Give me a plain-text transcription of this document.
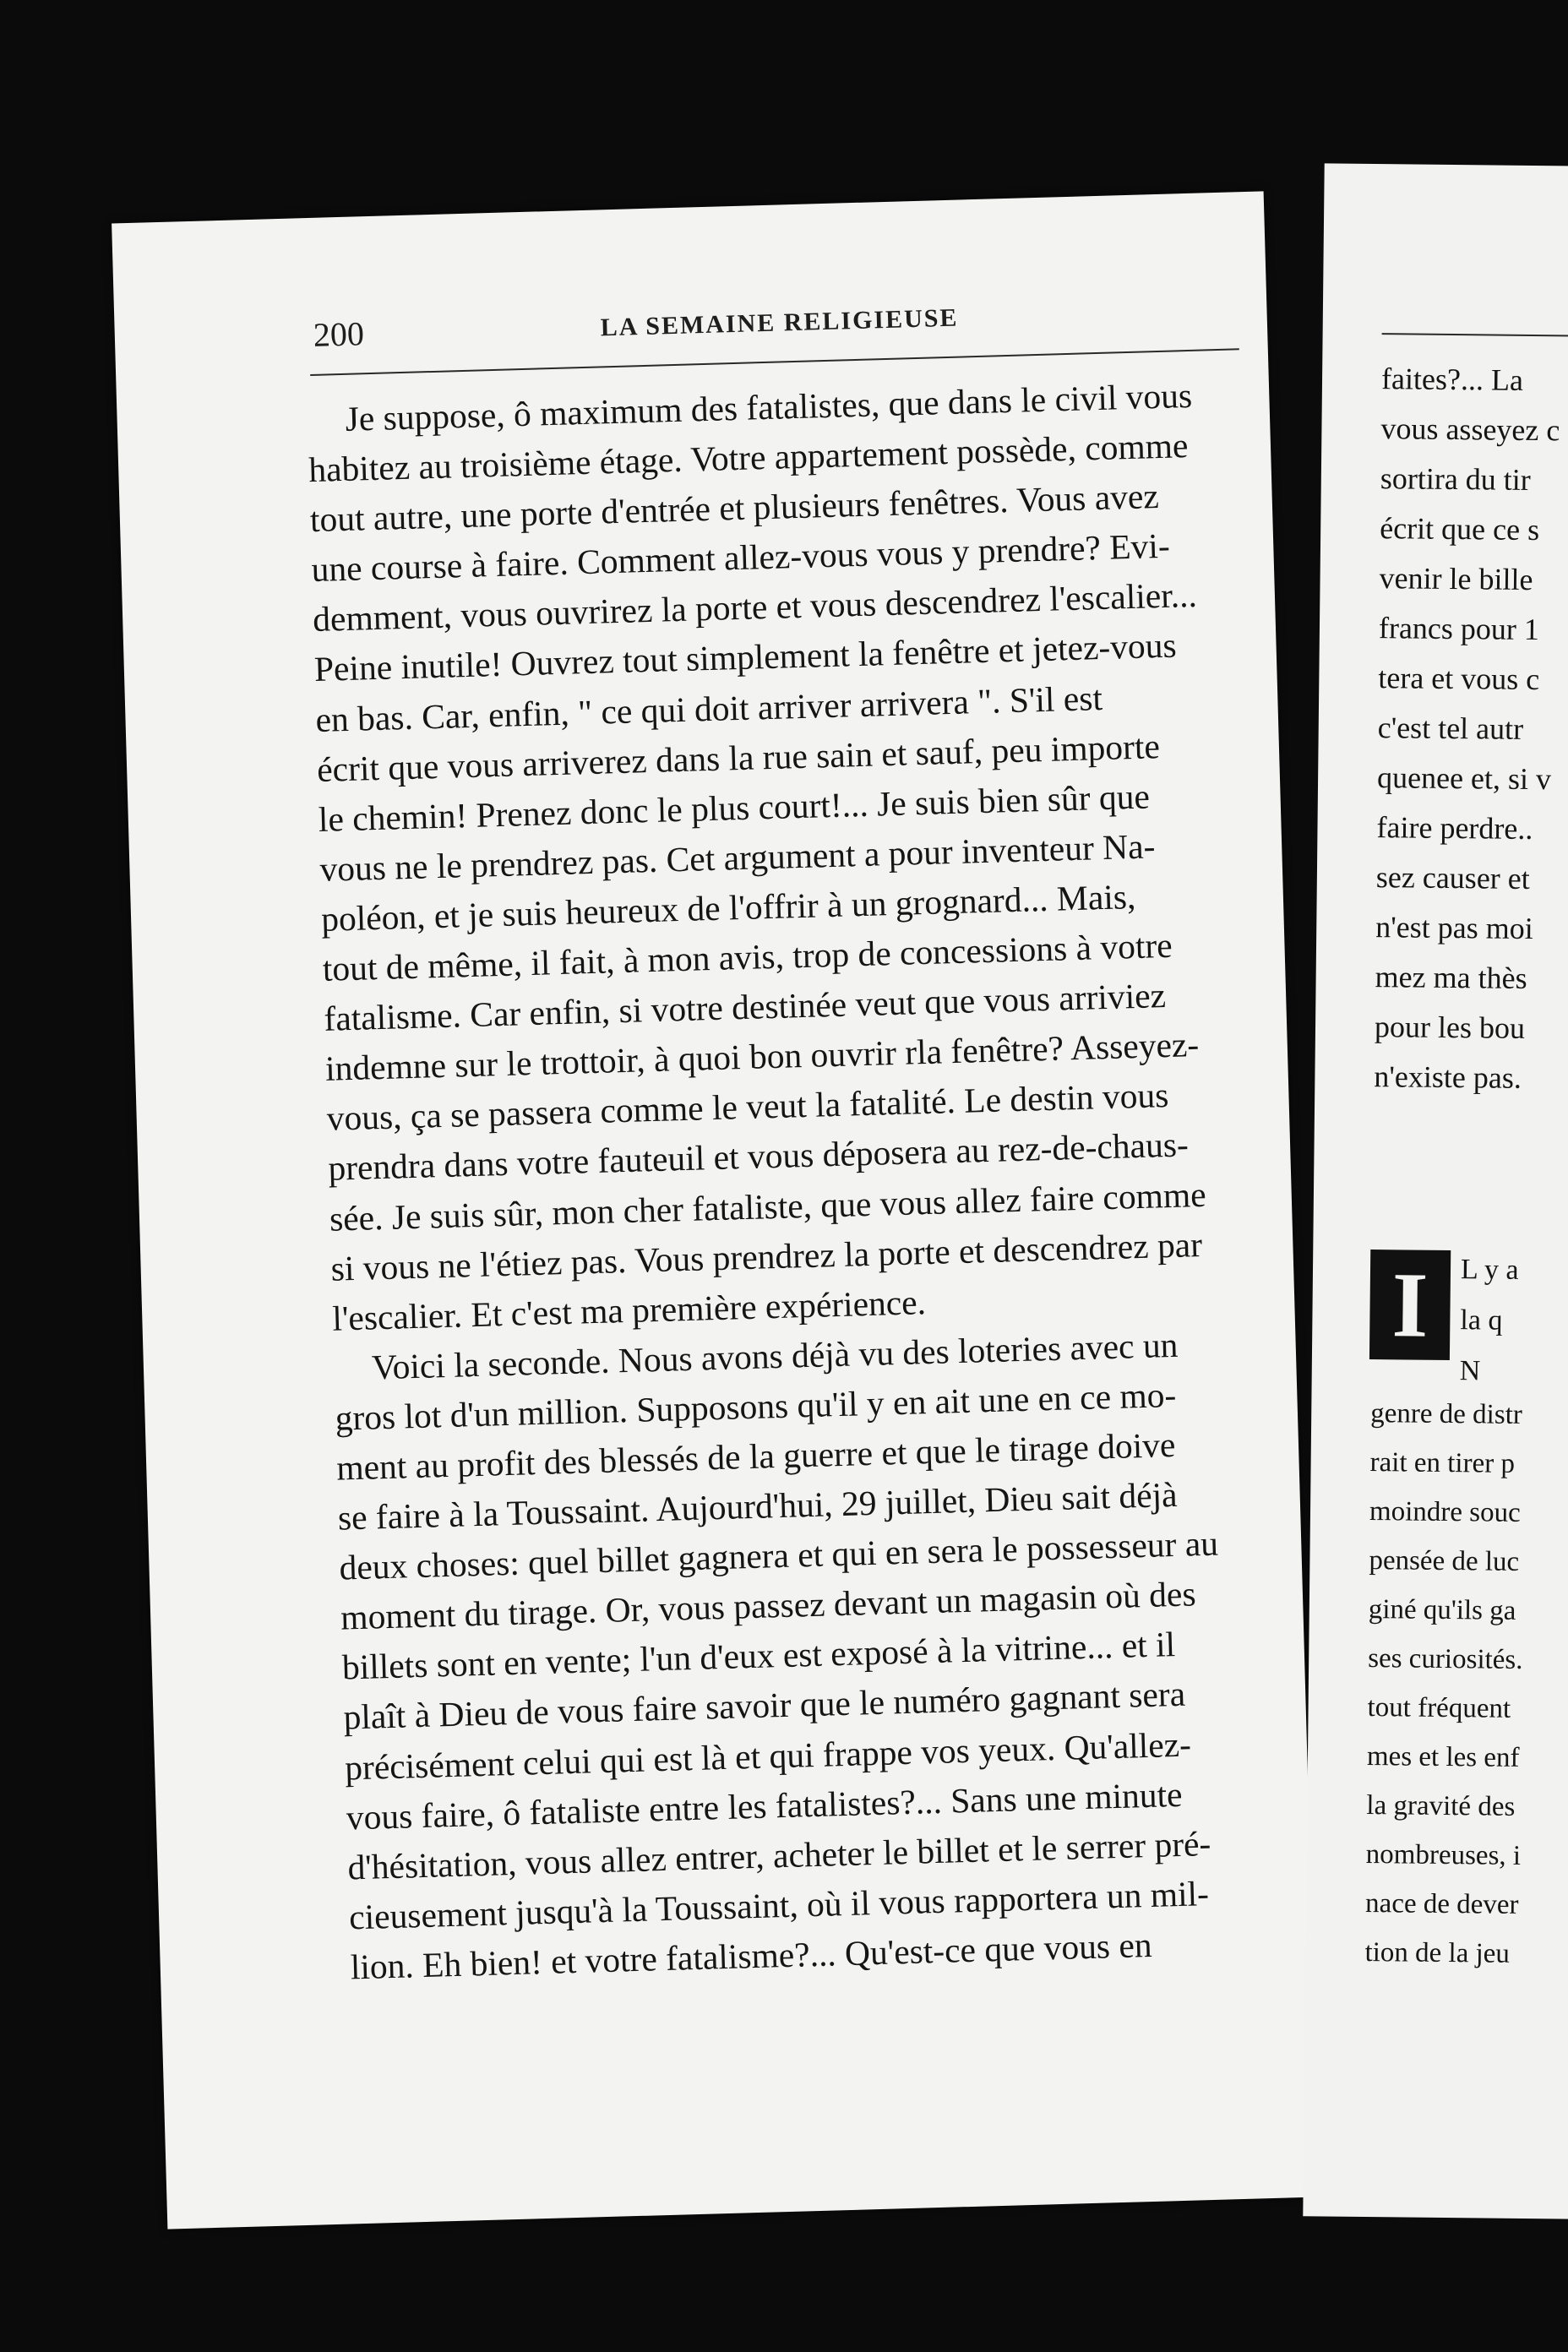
200	LA SEMAINE RELIGIEUSE
Je suppose, ô maximum des fatalistes, que dans le civil vous
habitez au troisième étage. Votre appartement possède, comme
tout autre, une porte d'entrée et plusieurs fenêtres. Vous avez
une course à faire. Comment allez-vous vous y prendre? Evi-
demment, vous ouvrirez la porte et vous descendrez l'escalier...
Peine inutile! Ouvrez tout simplement la fenêtre et jetez-vous
en bas. Car, enfin, " ce qui doit arriver arrivera ". S'il est
écrit que vous arriverez dans la rue sain et sauf, peu importe
le chemin! Prenez donc le plus court!... Je suis bien sûr que
vous ne le prendrez pas. Cet argument a pour inventeur Na-
poléon, et je suis heureux de l'offrir à un grognard... Mais,
tout de même, il fait, à mon avis, trop de concessions à votre
fatalisme. Car enfin, si votre destinée veut que vous arriviez
indemne sur le trottoir, à quoi bon ouvrir rla fenêtre? Asseyez-
vous, ça se passera comme le veut la fatalité. Le destin vous
prendra dans votre fauteuil et vous déposera au rez-de-chaus-
sée. Je suis sûr, mon cher fataliste, que vous allez faire comme
si vous ne l'étiez pas. Vous prendrez la porte et descendrez par
l'escalier. Et c'est ma première expérience.
Voici la seconde. Nous avons déjà vu des loteries avec un
gros lot d'un million. Supposons qu'il y en ait une en ce mo-
ment au profit des blessés de la guerre et que le tirage doive
se faire à la Toussaint. Aujourd'hui, 29 juillet, Dieu sait déjà
deux choses: quel billet gagnera et qui en sera le possesseur au
moment du tirage. Or, vous passez devant un magasin où des
billets sont en vente; l'un d'eux est exposé à la vitrine... et il
plaît à Dieu de vous faire savoir que le numéro gagnant sera
précisément celui qui est là et qui frappe vos yeux. Qu'allez-
vous faire, ô fataliste entre les fatalistes?... Sans une minute
d'hésitation, vous allez entrer, acheter le billet et le serrer pré-
cieusement jusqu'à la Toussaint, où il vous rapportera un mil-
lion. Eh bien! et votre fatalisme?... Qu'est-ce que vous en
faites?... La
vous asseyez c
sortira du tir
écrit que ce s
venir le bille
francs pour 1
tera et vous c
c'est tel autr
quenee et, si v
faire perdre..
sez causer et
n'est pas moi
mez ma thès
pour les bou
n'existe pas.
I	L y a
la q
N
genre de distr
rait en tirer p
moindre souc
pensée de luc
giné qu'ils ga
ses curiosités.
tout fréquent
mes et les enf
la gravité des
nombreuses, i
nace de dever
tion de la jeu
